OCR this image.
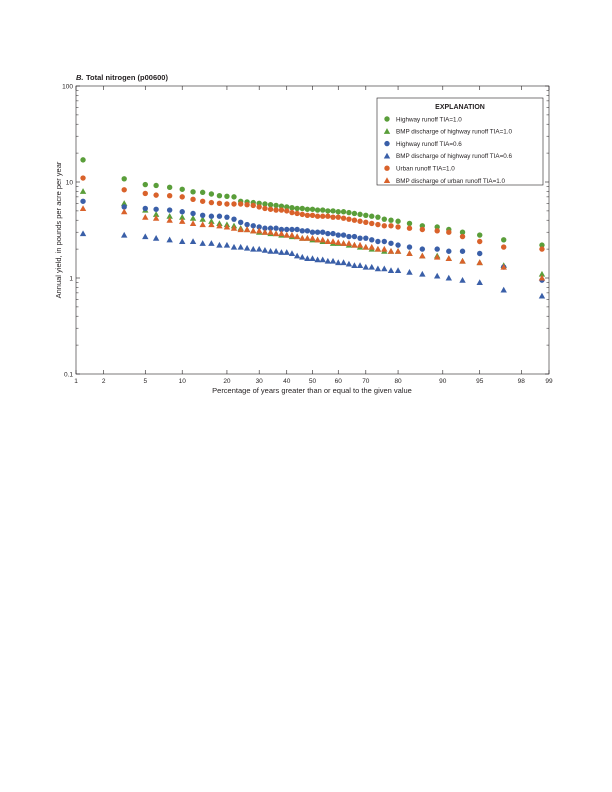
B. Total nitrogen (p00600)
0.1
1
10
100
1	2	5	10	20	30	40	50	60	70	80	90	95	98	99
Annual yield, in pounds per acre per year
Percentage of years greater than or equal to the given value
EXPLANATION
Highway runoff TIA=1.0
BMP discharge of highway runoff TIA=1.0
Highway runoff TIA=0.6
BMP discharge of highway runoff TIA=0.6
Urban runoff TIA=1.0
BMP discharge of urban runoff TIA=1.0
